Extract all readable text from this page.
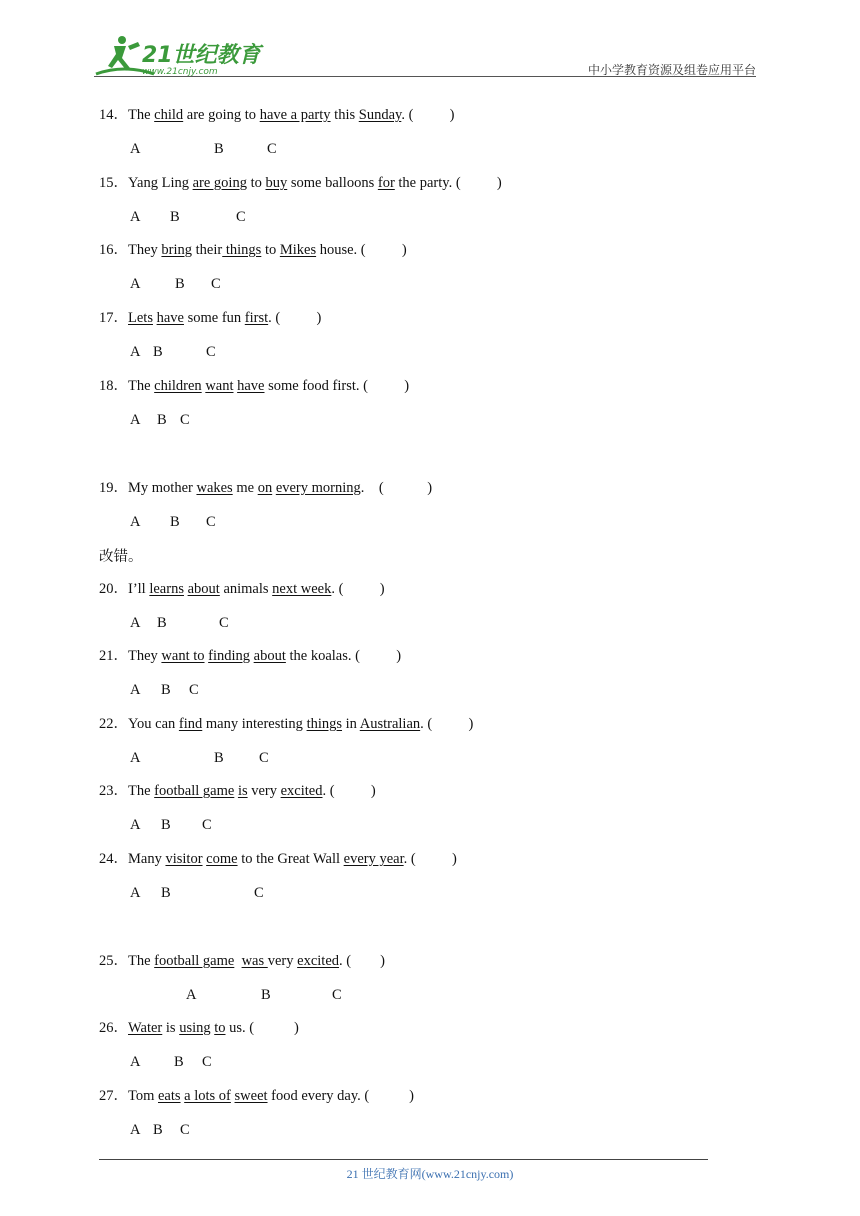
21世纪教育
www.21cnjy.com	中小学教育资源及组卷应用平台
14．The child are going to have a party this Sunday. (          )
A	B	C
15．Yang Ling are going to buy some balloons for the party. (          )
A B	C
16．They bring their things to Mikes house. (          )
A B C
17．Lets have some fun first. (          )
A B	C
18．The children want have some food first. (          )
A B C
19．My mother wakes me on every morning.    (            )
A B C
20．I’ll learns about animals next week. (          )
A B	C
21．They want to finding about the koalas. (          )
A B C
22．You can find many interesting things in Australian. (          )
A	B C
23．The football game is very excited. (          )
A B C
24．Many visitor come to the Great Wall every year. (          )
A B	C
25．The football game was very excited. (        )
A	B	C
26．Water is using to us. (           )
A B C
27．Tom eats a lots of sweet food every day. (           )
A B C
改错。
21 世纪教育网(www.21cnjy.com)
